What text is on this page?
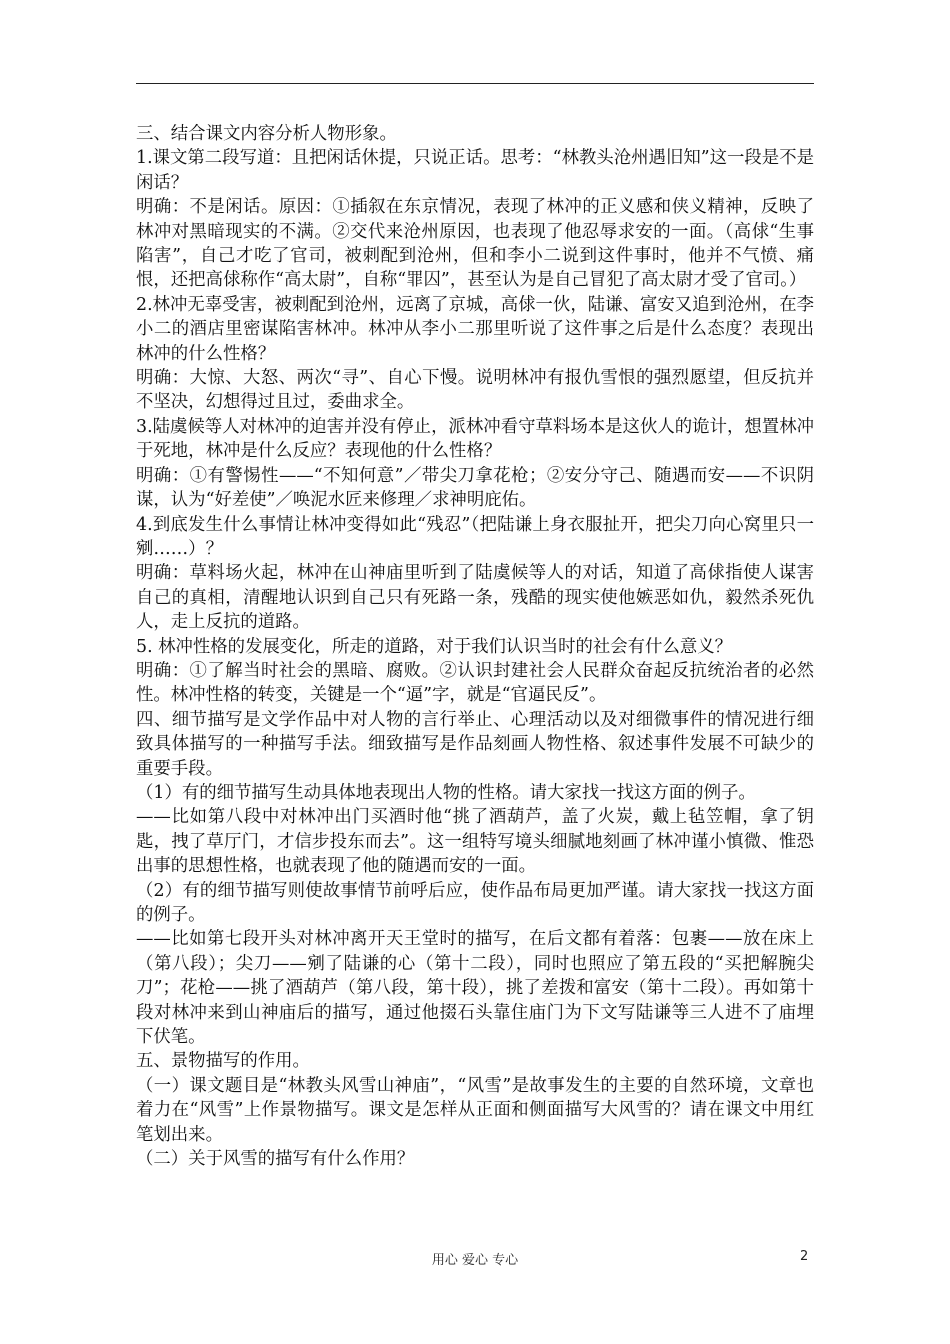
三、结合课文内容分析人物形象。

1.课文第二段写道：且把闲话休提，只说正话。思考：“林教头沧州遇旧知”这一段是不是闲话？

明确：不是闲话。原因：①插叙在东京情况，表现了林冲的正义感和侠义精神，反映了林冲对黑暗现实的不满。②交代来沧州原因，也表现了他忍辱求安的一面。（高俅“生事陷害”，自己才吃了官司，被刺配到沧州，但和李小二说到这件事时，他并不气愤、痛恨，还把高俅称作“高太尉”，自称“罪囚”，甚至认为是自己冒犯了高太尉才受了官司。）

2.林冲无辜受害，被刺配到沧州，远离了京城，高俅一伙，陆谦、富安又追到沧州，在李小二的酒店里密谋陷害林冲。林冲从李小二那里听说了这件事之后是什么态度？表现出林冲的什么性格？

明确：大惊、大怒、两次“寻”、自心下慢。说明林冲有报仇雪恨的强烈愿望，但反抗并不坚决，幻想得过且过，委曲求全。

3.陆虞候等人对林冲的迫害并没有停止，派林冲看守草料场本是这伙人的诡计，想置林冲于死地，林冲是什么反应？表现他的什么性格？

明确：①有警惕性——“不知何意”／带尖刀拿花枪；②安分守己、随遇而安——不识阴谋，认为“好差使”／唤泥水匠来修理／求神明庇佑。

4.到底发生什么事情让林冲变得如此“残忍”（把陆谦上身衣服扯开，把尖刀向心窝里只一剜……）？

明确：草料场火起，林冲在山神庙里听到了陆虞候等人的对话，知道了高俅指使人谋害自己的真相，清醒地认识到自己只有死路一条，残酷的现实使他嫉恶如仇，毅然杀死仇人，走上反抗的道路。

5. 林冲性格的发展变化，所走的道路，对于我们认识当时的社会有什么意义？

明确：①了解当时社会的黑暗、腐败。②认识封建社会人民群众奋起反抗统治者的必然性。林冲性格的转变，关键是一个“逼”字，就是“官逼民反”。

四、细节描写是文学作品中对人物的言行举止、心理活动以及对细微事件的情况进行细致具体描写的一种描写手法。细致描写是作品刻画人物性格、叙述事件发展不可缺少的重要手段。

（1）有的细节描写生动具体地表现出人物的性格。请大家找一找这方面的例子。

——比如第八段中对林冲出门买酒时他“挑了酒葫芦，盖了火炭，戴上毡笠帽，拿了钥匙，拽了草厅门，才信步投东而去”。这一组特写境头细腻地刻画了林冲谨小慎微、惟恐出事的思想性格，也就表现了他的随遇而安的一面。

（2）有的细节描写则使故事情节前呼后应，使作品布局更加严谨。请大家找一找这方面的例子。

——比如第七段开头对林冲离开天王堂时的描写，在后文都有着落：包裹——放在床上（第八段）；尖刀——剜了陆谦的心（第十二段），同时也照应了第五段的“买把解腕尖刀”；花枪——挑了酒葫芦（第八段，第十段），挑了差拨和富安（第十二段）。再如第十段对林冲来到山神庙后的描写，通过他掇石头靠住庙门为下文写陆谦等三人进不了庙埋下伏笔。

五、景物描写的作用。

（一）课文题目是“林教头风雪山神庙”，“风雪”是故事发生的主要的自然环境，文章也着力在“风雪”上作景物描写。课文是怎样从正面和侧面描写大风雪的？请在课文中用红笔划出来。

（二）关于风雪的描写有什么作用？

用心 爱心 专心	2
